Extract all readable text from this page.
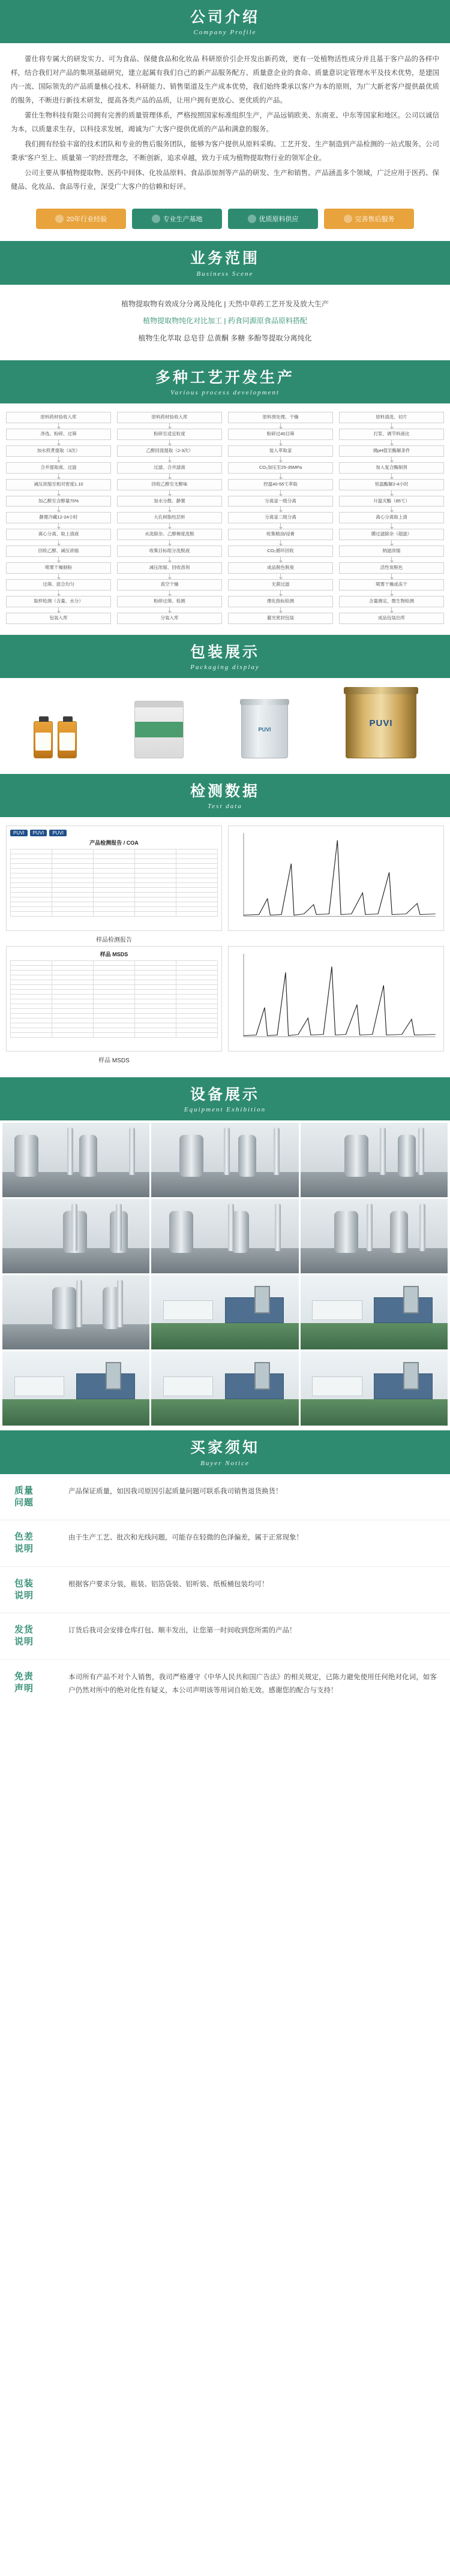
公司介绍
Company Profile

蕾仕将专属大的研发实力、可为食品、保健食品和化妆品 科研原价引企开发出新药效，更有一处植物活性成分并且基于客户品的各样中样，结合我们对产品的集项基础研究，建立起属有我们自己的新产品服务配方、质量意企业的食命、质量意识定管理水平及技术优势，是建国内一流、国际领先的产品质量核心技术、科研能力、销售渠道及生产成本优势，我们始终秉承以客户为本的原则，为广大新老客户提供最优质的服务，不断进行新技术研发，提高各类产品的品质，让用户拥有更放心、更优质的产品。

蕾仕生物科技有限公司拥有完善的质量管理体系，严格按照国家标准组织生产，产品远销欧美、东南亚、中东等国家和地区。公司以诚信为本，以质量求生存，以科技求发展，竭诚为广大客户提供优质的产品和满意的服务。

我们拥有经验丰富的技术团队和专业的售后服务团队，能够为客户提供从原料采购、工艺开发、生产制造到产品检测的一站式服务。公司秉承“客户至上、质量第一”的经营理念，不断创新，追求卓越，致力于成为植物提取物行业的领军企业。

公司主要从事植物提取物、医药中间体、化妆品原料、食品添加剂等产品的研发、生产和销售。产品涵盖多个领域，广泛应用于医药、保健品、化妆品、食品等行业，深受广大客户的信赖和好评。

20年行业经验	专业生产基地	优质原料供应	完善售后服务
业务范围
Business Scene
植物提取物有效成分分离及纯化 | 天然中草药工艺开发及放大生产
植物提取物纯化对比加工 | 药食同源原食品原料搭配
植物生化萃取 总皂苷 总黄酮 多糖 多酚等提取分离纯化
多种工艺开发生产
Various process development
原料药材验收入库
净选、粉碎、过筛
加水煎煮提取（3次）
合并提取液、过滤
减压浓缩至相对密度1.10
加乙醇至含醇量70%
静置冷藏12-24小时
离心分离、取上清液
回收乙醇、减压浓缩
喷雾干燥制粉
过筛、混合均匀
取样检测（含量、水分）
包装入库
原料药材验收入库
粉碎至适宜粒度
乙醇回流提取（2-3次）
过滤、合并滤液
回收乙醇至无醇味
加水分散、静置
大孔树脂柱层析
水洗除杂、乙醇梯度洗脱
收集目标组分洗脱液
减压浓缩、回收溶剂
真空干燥
粉碎过筛、检测
分装入库
原料预处理、干燥
粉碎过40目筛
装入萃取釜
CO₂加压至25-35MPa
控温40-55℃萃取
分离釜一级分离
分离釜二级分离
收集精油/浸膏
CO₂循环回收
成品脱色脱臭
无菌过滤
理化指标检测
避光密封包装
原料清洗、切片
打浆、调节料液比
调pH值至酶解条件
加入复合酶制剂
恒温酶解2-4小时
升温灭酶（85℃）
离心分离取上清
膜过滤除杂（超滤）
纳滤浓缩
活性炭脱色
喷雾干燥或冻干
含量测定、微生物检测
成品包装出库
包装展示
Packaging display
PUVI
PUVI
检测数据
Test data
PUVI	PUVI	PUVI
产品检测报告 / COA

样品检测报告
样品 MSDS

样品 MSDS
设备展示
Equipment Exhibition
买家须知
Buyer Notice
质量
问题
产品保证质量，如因我司原因引起质量问题可联系我司销售退货换货！
色差
说明
由于生产工艺、批次和光线问题，可能存在轻微的色泽偏差，属于正常现象！
包装
说明
根据客户要求分装，瓶装、铝箔袋装、铝听装、纸板桶包装均可！
发货
说明
订货后我司会安排仓库打包、顺丰发出，让您第一时间收到您所需的产品！
免责
声明
本司所有产品不对个人销售，我司严格遵守《中华人民共和国广告法》的相关规定，已陈力避免使用任何绝对化词，如客户仍然对所中的绝对化性有疑义，本公司声明该等用词自始无效。感谢您的配合与支持！
